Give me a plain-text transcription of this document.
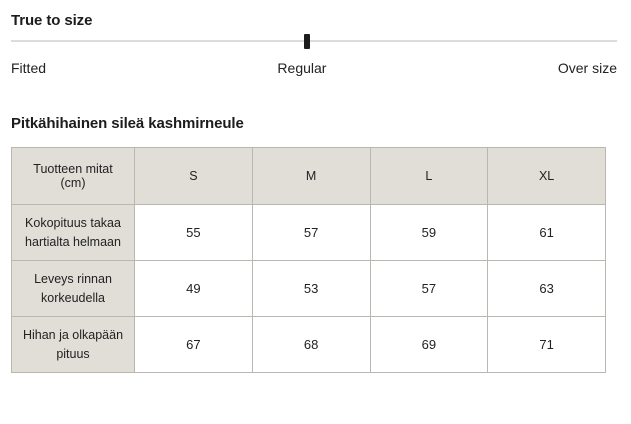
True to size
Fitted	Regular	Over size
Pitkähihainen sileä kashmirneule
Tuotteen mitat (cm)	S	M	L	XL
Kokopituus takaa hartialta helmaan	55	57	59	61
Leveys rinnan korkeudella	49	53	57	63
Hihan ja olkapään pituus	67	68	69	71
